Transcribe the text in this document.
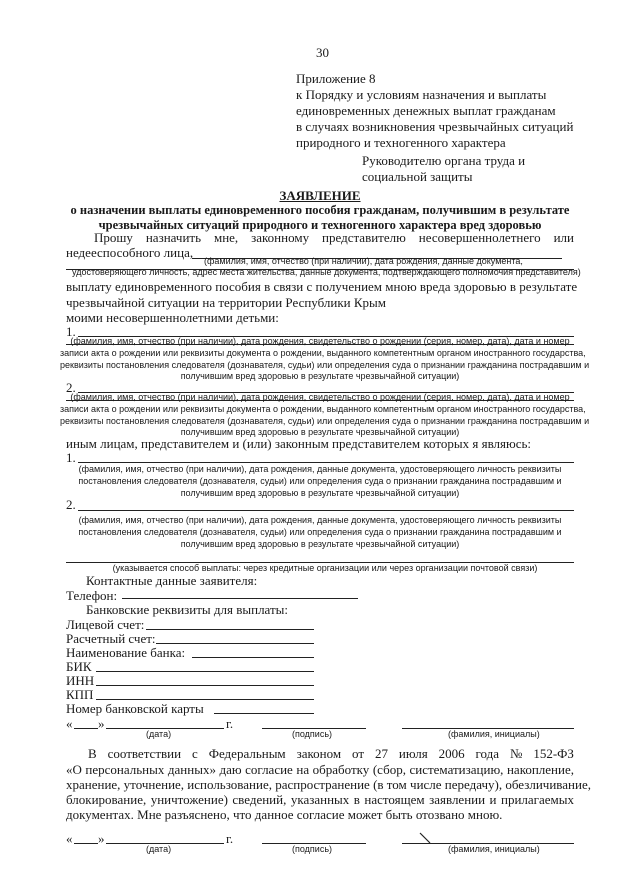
30
Приложение 8
к Порядку и условиям назначения и выплаты
единовременных денежных выплат гражданам
в случаях возникновения чрезвычайных ситуаций
природного и техногенного характера
Руководителю органа труда и
социальной защиты
ЗАЯВЛЕНИЕ
о назначении выплаты единовременного пособия гражданам, получившим в результате
чрезвычайных ситуаций природного и техногенного характера вред здоровью
Прошу назначить мне, законному представителю несовершеннолетнего или
недееспособного лица,
(фамилия, имя, отчество (при наличии), дата рождения, данные документа,
удостоверяющего личность, адрес места жительства, данные документа, подтверждающего полномочия представителя)
выплату единовременного пособия в связи с получением мною вреда здоровью в результате
чрезвычайной ситуации на территории Республики Крым
моими несовершеннолетними детьми:
1.
(фамилия, имя, отчество (при наличии), дата рождения, свидетельство о рождении (серия, номер, дата), дата и номер
записи акта о рождении или реквизиты документа о рождении, выданного компетентным органом иностранного государства,
реквизиты постановления следователя (дознавателя, судьи) или определения суда о признании гражданина пострадавшим и
получившим вред здоровью в результате чрезвычайной ситуации)
2.
(фамилия, имя, отчество (при наличии), дата рождения, свидетельство о рождении (серия, номер, дата), дата и номер
записи акта о рождении или реквизиты документа о рождении, выданного компетентным органом иностранного государства,
реквизиты постановления следователя (дознавателя, судьи) или определения суда о признании гражданина пострадавшим и
получившим вред здоровью в результате чрезвычайной ситуации)
иным лицам, представителем и (или) законным представителем которых я являюсь:
1.
(фамилия, имя, отчество (при наличии), дата рождения, данные документа, удостоверяющего личность реквизиты
постановления следователя (дознавателя, судьи) или определения суда о признании гражданина пострадавшим и
получившим вред здоровью в результате чрезвычайной ситуации)
2.
(фамилия, имя, отчество (при наличии), дата рождения, данные документа, удостоверяющего личность реквизиты
постановления следователя (дознавателя, судьи) или определения суда о признании гражданина пострадавшим и
получившим вред здоровью в результате чрезвычайной ситуации)
(указывается способ выплаты: через кредитные организации или через организации почтовой связи)
Контактные данные заявителя:
Телефон:
Банковские реквизиты для выплаты:
Лицевой счет:
Расчетный счет:
Наименование банка:
БИК
ИНН
КПП
Номер банковской карты
« »	г.
(дата)	(подпись)	(фамилия, инициалы)
В соответствии с Федеральным законом от 27 июля 2006 года № 152-ФЗ
«О персональных данных» даю согласие на обработку (сбор, систематизацию, накопление,
хранение, уточнение, использование, распространение (в том числе передачу), обезличивание,
блокирование, уничтожение) сведений, указанных в настоящем заявлении и прилагаемых
документах. Мне разъяснено, что данное согласие может быть отозвано мною.
« »	г.
(дата)	(подпись)	(фамилия, инициалы)
